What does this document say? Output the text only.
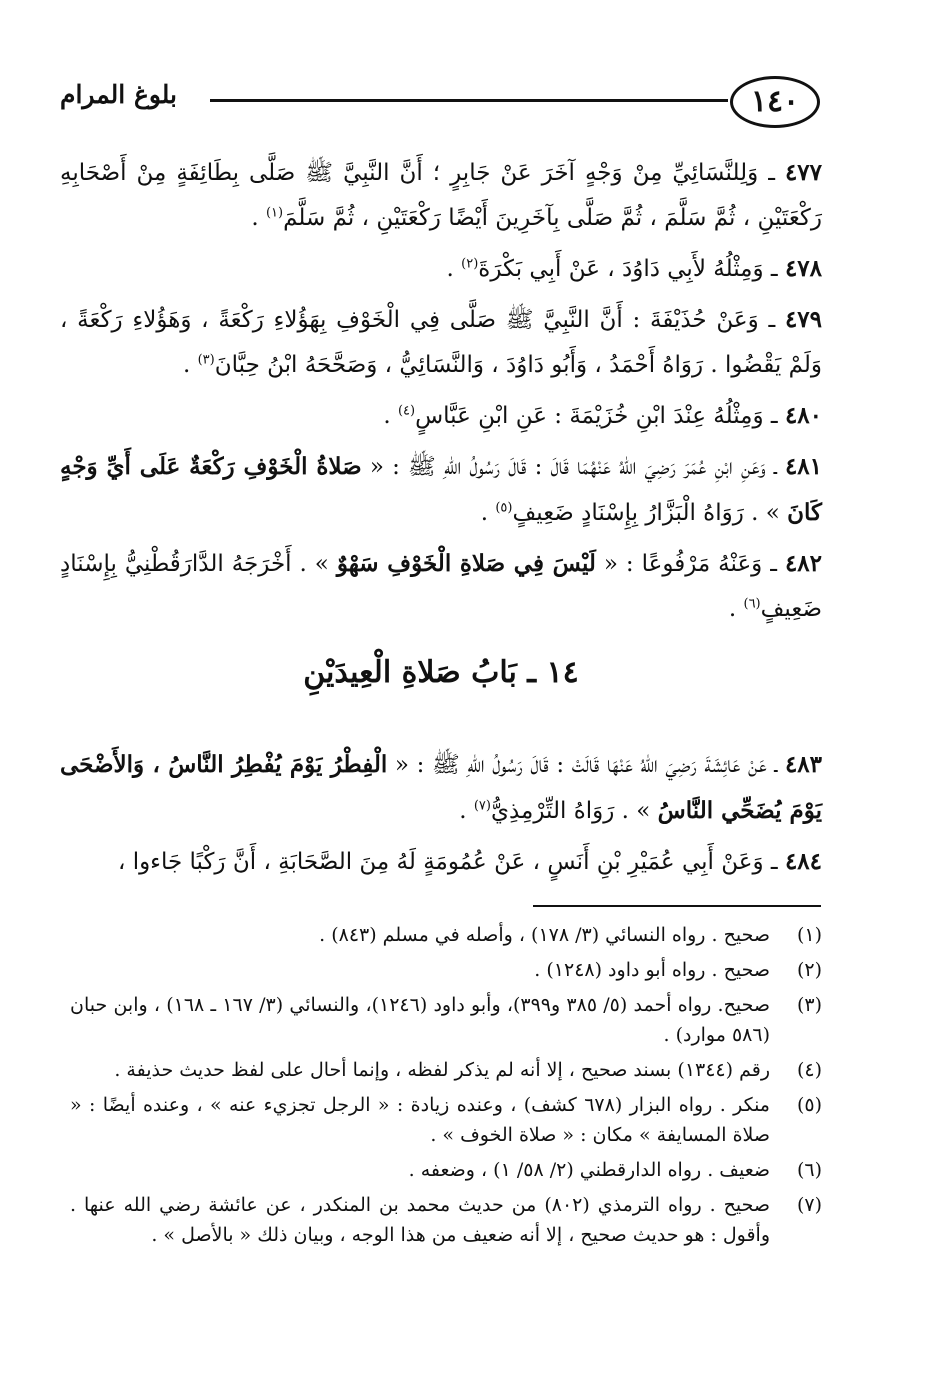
١٤٠
بلوغ المرام

٤٧٧ ـ وَلِلنَّسَائِيِّ مِنْ وَجْهٍ آخَرَ عَنْ جَابِرٍ ؛ أَنَّ النَّبِيَّ ﷺ صَلَّى بِطَائِفَةٍ مِنْ أَصْحَابِهِ رَكْعَتَيْنِ ، ثُمَّ سَلَّمَ ، ثُمَّ صَلَّى بِآخَرِينَ أَيْضًا رَكْعَتَيْنِ ، ثُمَّ سَلَّمَ$^{(١)}$ .

٤٧٨ ـ وَمِثْلُهُ لأَبِي دَاوُدَ ، عَنْ أَبِي بَكْرَةَ$^{(٢)}$ .

٤٧٩ ـ وَعَنْ حُذَيْفَةَ : أَنَّ النَّبِيَّ ﷺ صَلَّى فِي الْخَوْفِ بِهَؤُلاءِ رَكْعَةً ، وَهَؤُلاءِ رَكْعَةً ، وَلَمْ يَقْضُوا . رَوَاهُ أَحْمَدُ ، وَأَبُو دَاوُدَ ، وَالنَّسَائِيُّ ، وَصَحَّحَهُ ابْنُ حِبَّانَ$^{(٣)}$ .

٤٨٠ ـ وَمِثْلُهُ عِنْدَ ابْنِ خُزَيْمَةَ : عَنِ ابْنِ عَبَّاسٍ$^{(٤)}$ .

٤٨١ ـ وَعَنِ ابْنِ عُمَرَ رَضِيَ اللهُ عَنْهُمَا قَالَ : قَالَ رَسُولُ اللهِ ﷺ : « صَلاةُ الْخَوْفِ رَكْعَةٌ عَلَى أَيِّ وَجْهٍ كَانَ » . رَوَاهُ الْبَزَّارُ بِإِسْنَادٍ ضَعِيفٍ$^{(٥)}$ .

٤٨٢ ـ وَعَنْهُ مَرْفُوعًا : « لَيْسَ فِي صَلاةِ الْخَوْفِ سَهْوٌ » . أَخْرَجَهُ الدَّارَقُطْنِيُّ بِإِسْنَادٍ ضَعِيفٍ$^{(٦)}$ .

١٤ ـ بَابُ صَلاةِ الْعِيدَيْنِ

٤٨٣ ـ عَنْ عَائِشَةَ رَضِيَ اللهُ عَنْهَا قَالَتْ : قَالَ رَسُولُ اللهِ ﷺ : « الْفِطْرُ يَوْمَ يُفْطِرُ النَّاسُ ، وَالأَضْحَى يَوْمَ يُضَحِّي النَّاسُ » . رَوَاهُ التِّرْمِذِيُّ$^{(٧)}$ .

٤٨٤ ـ وَعَنْ أَبِي عُمَيْرِ بْنِ أَنَسٍ ، عَنْ عُمُومَةٍ لَهُ مِنَ الصَّحَابَةِ ، أَنَّ رَكْبًا جَاءوا ،

(١)
صحيح . رواه النسائي (٣/ ١٧٨) ، وأصله في مسلم (٨٤٣) .
(٢)
صحيح . رواه أبو داود (١٢٤٨) .
(٣)
صحيح. رواه أحمد (٥/ ٣٨٥ و٣٩٩)، وأبو داود (١٢٤٦)، والنسائي (٣/ ١٦٧ ـ ١٦٨) ، وابن حبان (٥٨٦ موارد) .
(٤)
رقم (١٣٤٤) بسند صحيح ، إلا أنه لم يذكر لفظه ، وإنما أحال على لفظ حديث حذيفة .
(٥)
منكر . رواه البزار (٦٧٨ كشف) ، وعنده زيادة : « الرجل تجزيء عنه » ، وعنده أيضًا : « صلاة المسايفة » مكان : « صلاة الخوف » .
(٦)
ضعيف . رواه الدارقطني (٢/ ٥٨/ ١) ، وضعفه .
(٧)
صحيح . رواه الترمذي (٨٠٢) من حديث محمد بن المنكدر ، عن عائشة رضي الله عنها . وأقول : هو حديث صحيح ، إلا أنه ضعيف من هذا الوجه ، وبيان ذلك « بالأصل » .
